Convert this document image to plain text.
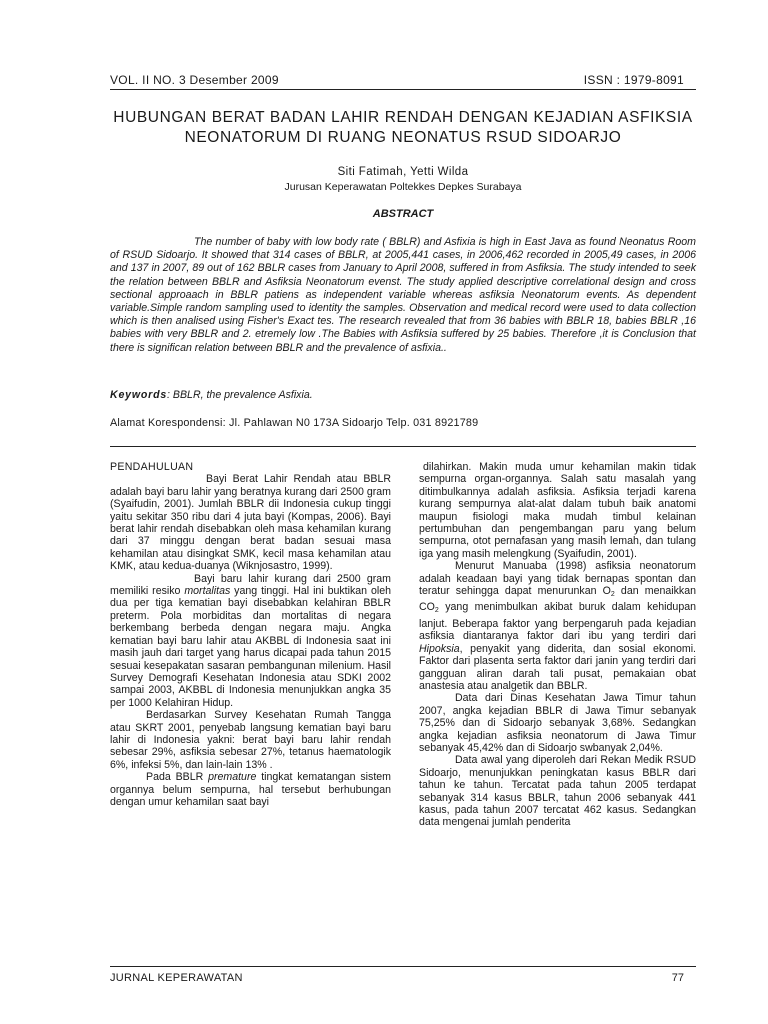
VOL. II NO. 3 Desember 2009	ISSN : 1979-8091
HUBUNGAN BERAT BADAN LAHIR RENDAH DENGAN KEJADIAN ASFIKSIA
NEONATORUM DI RUANG NEONATUS RSUD SIDOARJO
Siti Fatimah, Yetti Wilda
Jurusan Keperawatan Poltekkes Depkes Surabaya
ABSTRACT
The number of baby with low body rate ( BBLR) and Asfixia is high in East Java as found Neonatus Room of RSUD Sidoarjo. It showed that 314 cases of BBLR, at 2005,441 cases, in 2006,462 recorded in 2005,49 cases, in 2006 and 137 in 2007, 89 out of 162 BBLR cases from January to April 2008, suffered in from Asfiksia. The study intended to seek the relation between BBLR and Asfiksia Neonatorum evenst. The study applied descriptive correlational design and cross sectional approaach in BBLR patiens as independent variable whereas asfiksia Neonatorum events. As dependent variable.Simple random sampling used to identity the samples. Observation and medical record were used to data collection which is then analised using Fisher's Exact tes. The research revealed that from 36 babies with BBLR 18, babies BBLR ,16 babies with very BBLR and 2. etremely low .The Babies with Asfiksia suffered by 25 babies. Therefore ,it is Conclusion that there is significan relation between BBLR and the prevalence of asfixia..
Keywords: BBLR, the prevalence Asfixia.
Alamat Korespondensi: Jl. Pahlawan N0 173A Sidoarjo Telp. 031 8921789

PENDAHULUAN

Bayi Berat Lahir Rendah atau BBLR adalah bayi baru lahir yang beratnya kurang dari 2500 gram (Syaifudin, 2001). Jumlah BBLR dii Indonesia cukup tinggi yaitu sekitar 350 ribu dari 4 juta bayi (Kompas, 2006). Bayi berat lahir rendah disebabkan oleh masa kehamilan kurang dari 37 minggu dengan berat badan sesuai masa kehamilan atau disingkat SMK, kecil masa kehamilan atau KMK, atau kedua-duanya (Wiknjosastro, 1999).

Bayi baru lahir kurang dari 2500 gram memiliki resiko mortalitas yang tinggi. Hal ini buktikan oleh dua per tiga kematian bayi disebabkan kelahiran BBLR preterm. Pola morbiditas dan mortalitas di negara berkembang berbeda dengan negara maju. Angka kematian bayi baru lahir atau AKBBL di Indonesia saat ini masih jauh dari target yang harus dicapai pada tahun 2015 sesuai kesepakatan sasaran pembangunan milenium. Hasil Survey Demografi Kesehatan Indonesia atau SDKI 2002 sampai 2003, AKBBL di Indonesia menunjukkan angka 35 per 1000 Kelahiran Hidup.

Berdasarkan Survey Kesehatan Rumah Tangga atau SKRT 2001, penyebab langsung kematian bayi baru lahir di Indonesia yakni: berat bayi baru lahir rendah sebesar 29%, asfiksia sebesar 27%, tetanus haematologik 6%, infeksi 5%, dan lain-lain 13% .

Pada BBLR premature tingkat kematangan sistem organnya belum sempurna, hal tersebut berhubungan dengan umur kehamilan saat bayi

dilahirkan. Makin muda umur kehamilan makin tidak sempurna organ-organnya. Salah satu masalah yang ditimbulkannya adalah asfiksia. Asfiksia terjadi karena kurang sempurnya alat-alat dalam tubuh baik anatomi maupun fisiologi maka mudah timbul kelainan pertumbuhan dan pengembangan paru yang belum sempurna, otot pernafasan yang masih lemah, dan tulang iga yang masih melengkung (Syaifudin, 2001).

Menurut Manuaba (1998) asfiksia neonatorum adalah keadaan bayi yang tidak bernapas spontan dan teratur sehingga dapat menurunkan $O_2$ dan menaikkan $CO_2$ yang menimbulkan akibat buruk dalam kehidupan lanjut. Beberapa faktor yang berpengaruh pada kejadian asfiksia diantaranya faktor dari ibu yang terdiri dari Hipoksia, penyakit yang diderita, dan sosial ekonomi. Faktor dari plasenta serta faktor dari janin yang terdiri dari gangguan aliran darah tali pusat, pemakaian obat anastesia atau analgetik dan BBLR.

Data dari Dinas Kesehatan Jawa Timur tahun 2007, angka kejadian BBLR di Jawa Timur sebanyak 75,25% dan di Sidoarjo sebanyak 3,68%. Sedangkan angka kejadian asfiksia neonatorum di Jawa Timur sebanyak 45,42% dan di Sidoarjo swbanyak 2,04%.

Data awal yang diperoleh dari Rekan Medik RSUD Sidoarjo, menunjukkan peningkatan kasus BBLR dari tahun ke tahun. Tercatat pada tahun 2005 terdapat sebanyak 314 kasus BBLR, tahun 2006 sebanyak 441 kasus, pada tahun 2007 tercatat 462 kasus. Sedangkan data mengenai jumlah penderita

JURNAL KEPERAWATAN	77
